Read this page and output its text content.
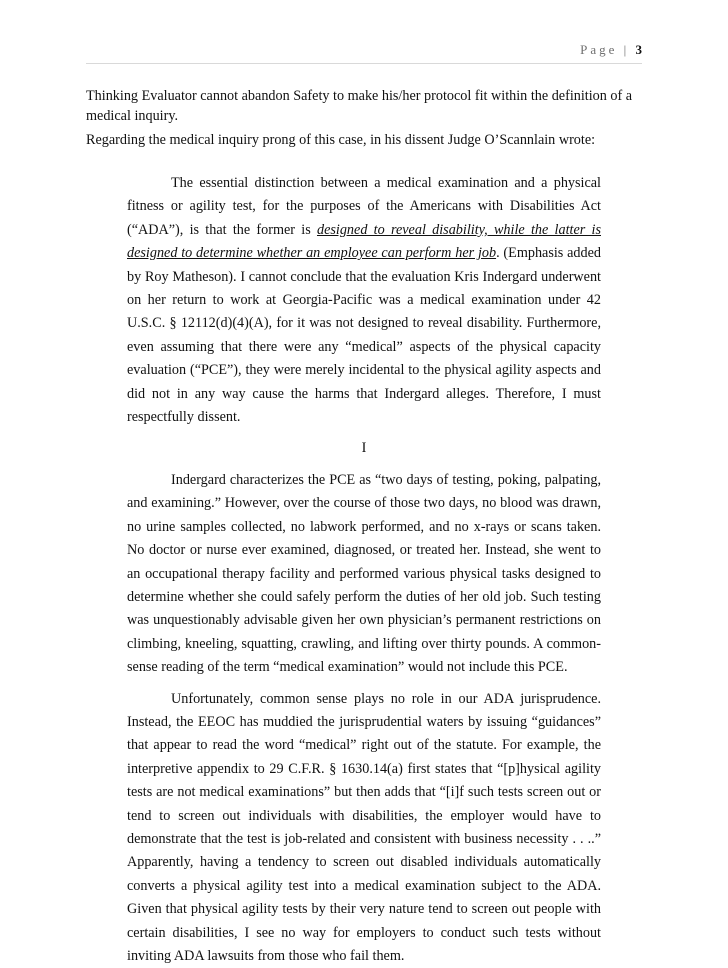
Page | 3

Thinking Evaluator cannot abandon Safety to make his/her protocol fit within the definition of a medical inquiry.

Regarding the medical inquiry prong of this case, in his dissent Judge O’Scannlain wrote:

The essential distinction between a medical examination and a physical fitness or agility test, for the purposes of the Americans with Disabilities Act (“ADA”), is that the former is designed to reveal disability, while the latter is designed to determine whether an employee can perform her job. (Emphasis added by Roy Matheson). I cannot conclude that the evaluation Kris Indergard underwent on her return to work at Georgia-Pacific was a medical examination under 42 U.S.C. § 12112(d)(4)(A), for it was not designed to reveal disability. Furthermore, even assuming that there were any “medical” aspects of the physical capacity evaluation (“PCE”), they were merely incidental to the physical agility aspects and did not in any way cause the harms that Indergard alleges. Therefore, I must respectfully dissent.

I

Indergard characterizes the PCE as “two days of testing, poking, palpating, and examining.” However, over the course of those two days, no blood was drawn, no urine samples collected, no labwork performed, and no x-rays or scans taken. No doctor or nurse ever examined, diagnosed, or treated her. Instead, she went to an occupational therapy facility and performed various physical tasks designed to determine whether she could safely perform the duties of her old job. Such testing was unquestionably advisable given her own physician’s permanent restrictions on climbing, kneeling, squatting, crawling, and lifting over thirty pounds. A common-sense reading of the term “medical examination” would not include this PCE.

Unfortunately, common sense plays no role in our ADA jurisprudence. Instead, the EEOC has muddied the jurisprudential waters by issuing “guidances” that appear to read the word “medical” right out of the statute. For example, the interpretive appendix to 29 C.F.R. § 1630.14(a) first states that “[p]hysical agility tests are not medical examinations” but then adds that “[i]f such tests screen out or tend to screen out individuals with disabilities, the employer would have to demonstrate that the test is job-related and consistent with business necessity . . ..” Apparently, having a tendency to screen out disabled individuals automatically converts a physical agility test into a medical examination subject to the ADA. Given that physical agility tests by their very nature tend to screen out people with certain disabilities, I see no way for employers to conduct such tests without inviting ADA lawsuits from those who fail them.
